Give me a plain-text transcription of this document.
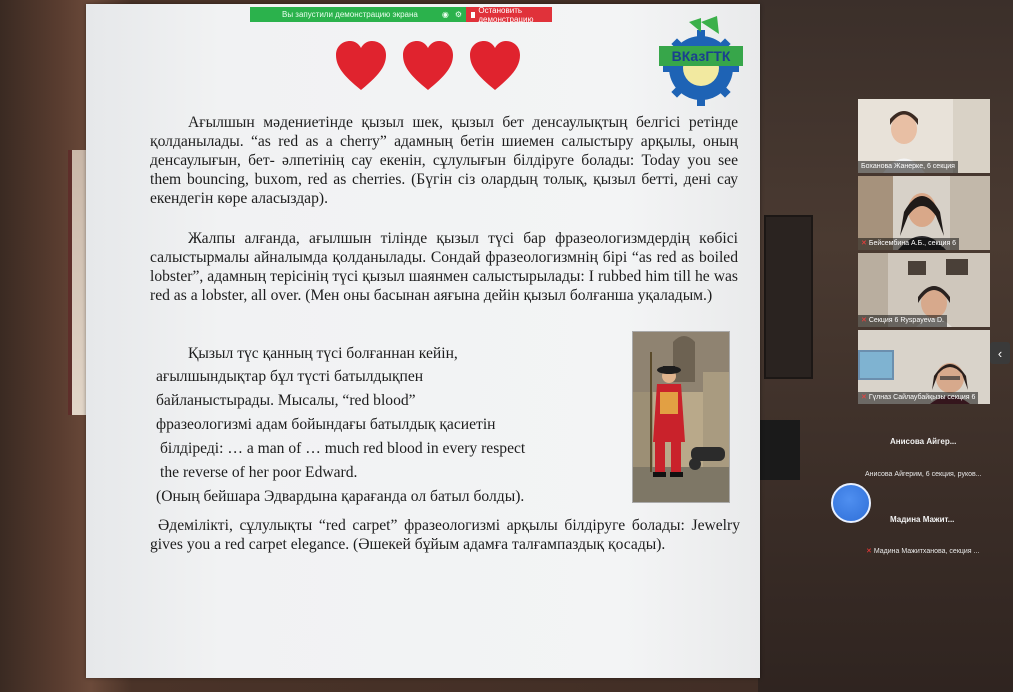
Вы запустили демонстрацию экрана	◉ ⚙ Остановить демонстрацию
ВКазГТК
Ағылшын мәдениетінде қызыл шек, қызыл бет денсаулықтың белгісі ретінде қолданылады. “as red as a cherry” адамның бетін шиемен салыстыру арқылы, оның денсаулығын, бет- әлпетінің сау екенін, сұлулығын білдіруге болады: Today you see them bouncing, buxom, red as cherries. (Бүгін сіз олардың толық, қызыл бетті, дені сау екендегін көре аласыздар).
Жалпы алғанда, ағылшын тілінде қызыл түсі бар фразеологизмдердің көбісі салыстырмалы айналымда қолданылады. Сондай фразеологизмнің бірі “as red as boiled lobster”, адамның терісінің түсі қызыл шаянмен салыстырылады: I rubbed him till he was red as a lobster, all over. (Мен оны басынан аяғына дейін қызыл болғанша уқаладым.)
Қызыл түс қанның түсі болғаннан кейін,
ағылшындықтар бұл түсті батылдықпен
байланыстырады. Мысалы, “red blood”
фразеологизмі адам бойындағы батылдық қасиетін
білдіреді: … a man of … much red blood in every respect
the reverse of her poor Edward.
(Оның бейшара Эдвардына қарағанда ол батыл болды).
Әдемілікті, сұлулықты “red carpet” фразеологизмі арқылы білдіруге болады: Jewelry gives you a red carpet elegance. (Әшекей бұйым адамға талғампаздық қосады).
Боханова Жанерке, 6 секция
✕ Бейсембина А.Б., секция 6
✕ Секция 6 Ryspayeva D.
✕ Гүлназ Сайлаубайқызы секция 6
‹
Анисова Айгер...
Анисова Айгерим, 6 секция, руков...
Мадина Мажит...
✕ Мадина Мажитханова, секция ...
